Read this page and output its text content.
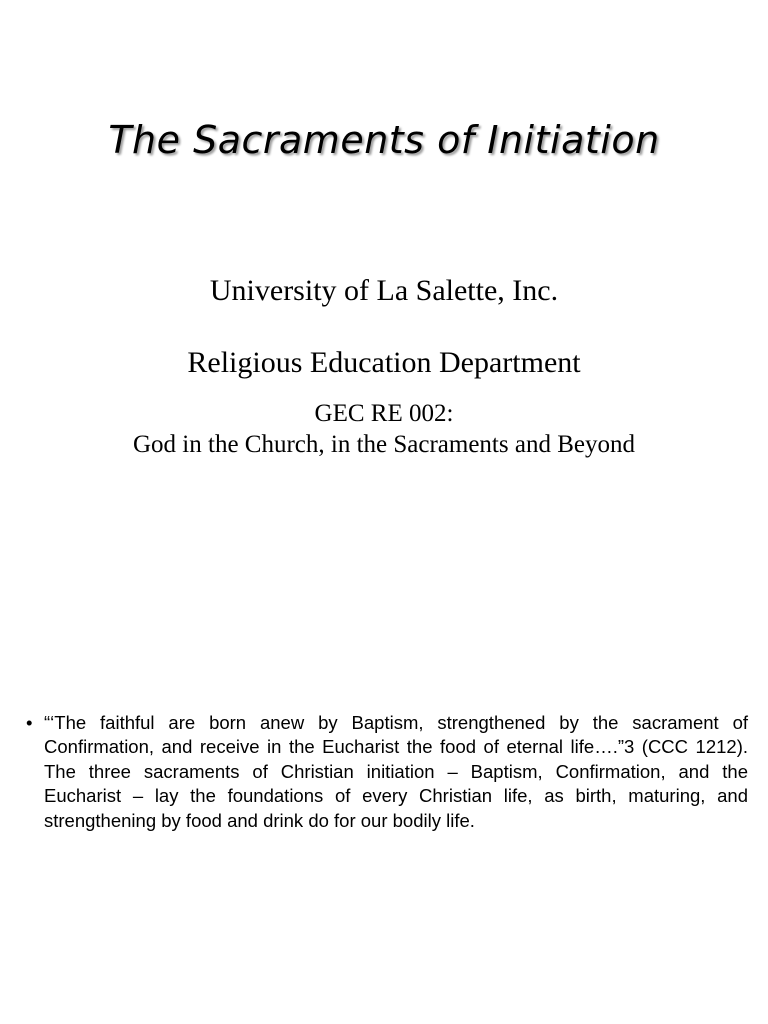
The Sacraments of Initiation
University of La Salette, Inc.
Religious Education Department
GEC RE 002:
God in the Church, in the Sacraments and Beyond
• “‘The faithful are born anew by Baptism, strengthened by the sacrament of Confirmation, and receive in the Eucharist the food of eternal life….”3 (CCC 1212). The three sacraments of Christian initiation – Baptism, Confirmation, and the Eucharist – lay the foundations of every Christian life, as birth, maturing, and strengthening by food and drink do for our bodily life.
